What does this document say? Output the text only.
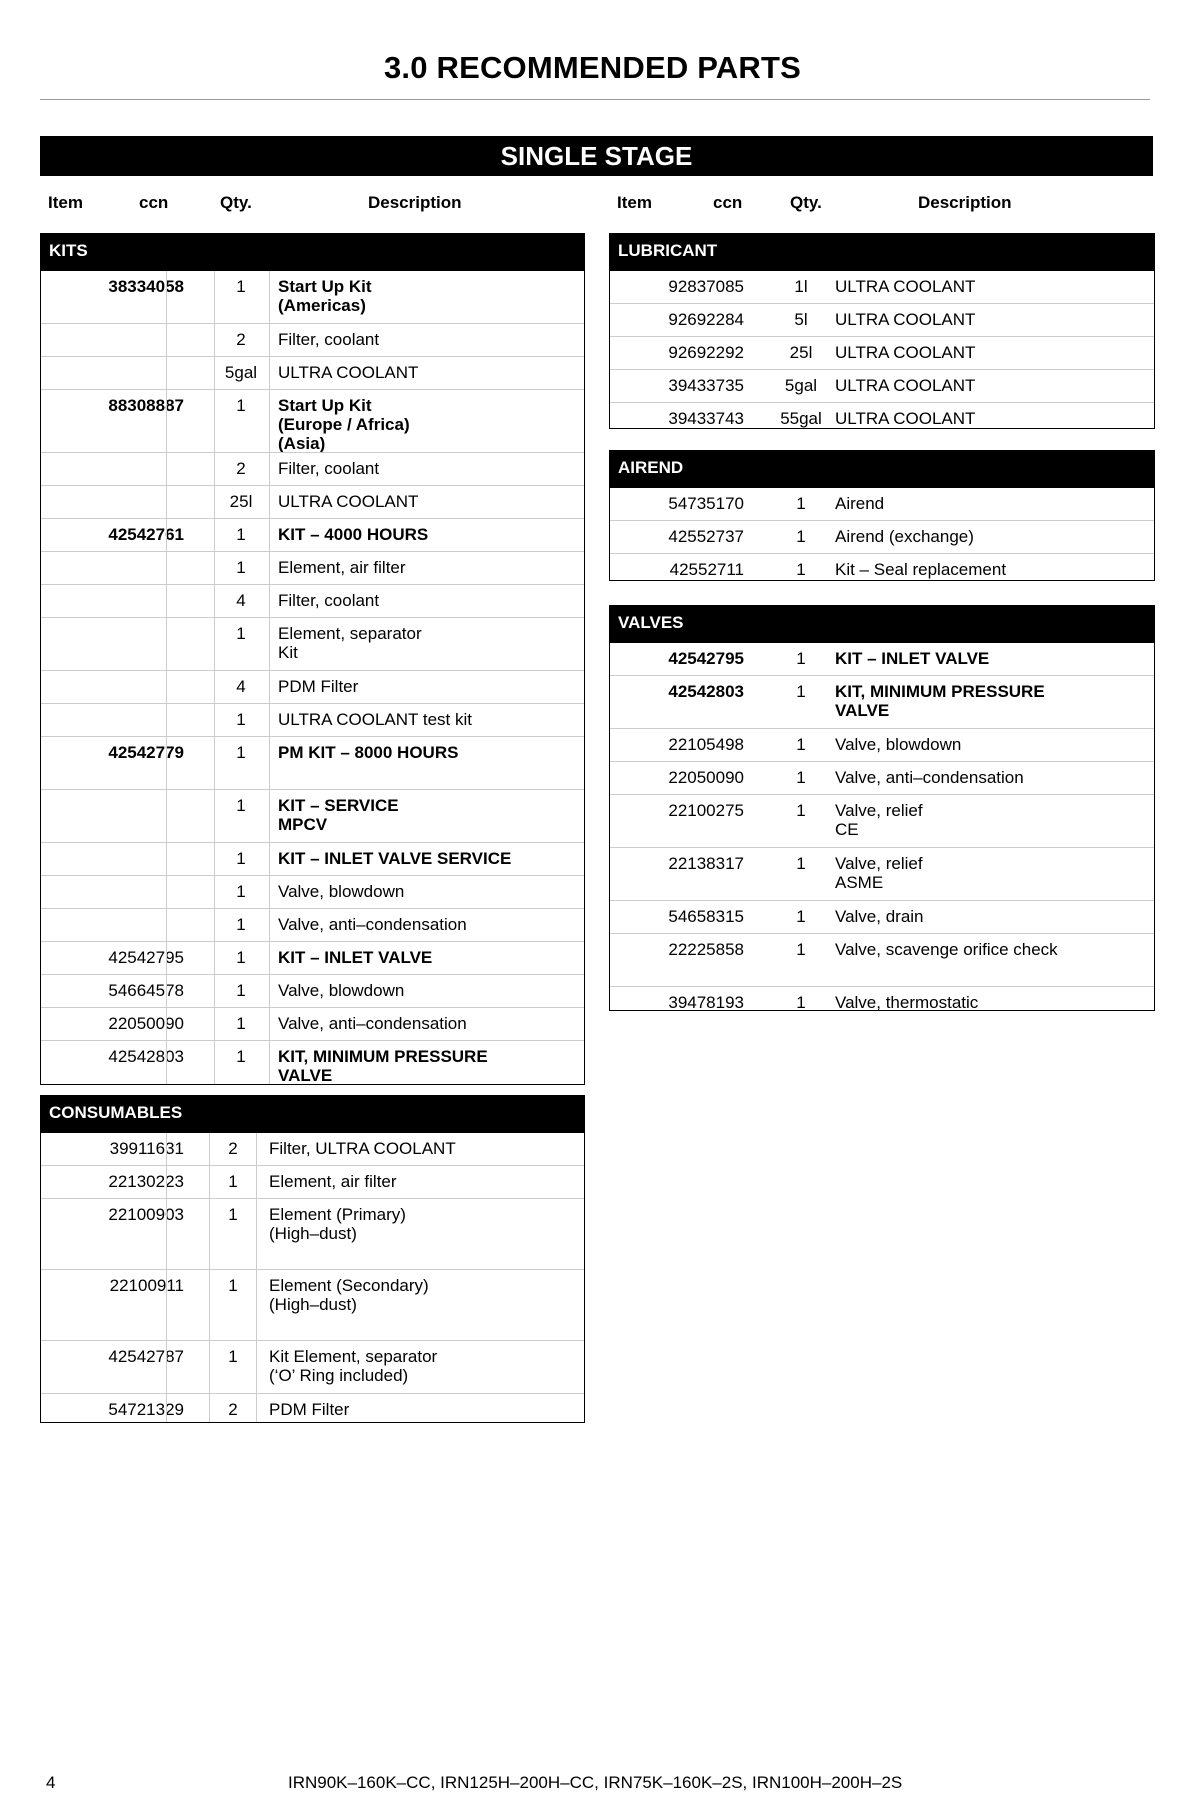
3.0 RECOMMENDED PARTS
SINGLE STAGE
Item	ccn	Qty.	Description	Item	ccn	Qty.	Description
KITS
38334058	1	Start Up Kit
(Americas)
2	Filter, coolant
5gal	ULTRA COOLANT
88308887	1	Start Up Kit
(Europe / Africa)
(Asia)
2	Filter, coolant
25l	ULTRA COOLANT
42542761	1	KIT – 4000 HOURS
1	Element, air filter
4	Filter, coolant
1	Element, separator
Kit
4	PDM Filter
1	ULTRA COOLANT test kit
42542779	1	PM KIT – 8000 HOURS
1	KIT – SERVICE
MPCV
1	KIT – INLET VALVE SERVICE
1	Valve, blowdown
1	Valve, anti–condensation
42542795	1	KIT – INLET VALVE
54664578	1	Valve, blowdown
22050090	1	Valve, anti–condensation
42542803	1	KIT, MINIMUM PRESSURE
VALVE
CONSUMABLES
39911631	2	Filter, ULTRA COOLANT
22130223	1	Element, air filter
22100903	1	Element (Primary)
(High–dust)
22100911	1	Element (Secondary)
(High–dust)
42542787	1	Kit Element, separator
(‘O’ Ring included)
54721329	2	PDM Filter
LUBRICANT
92837085	1l	ULTRA COOLANT
92692284	5l	ULTRA COOLANT
92692292	25l	ULTRA COOLANT
39433735	5gal	ULTRA COOLANT
39433743 55gal ULTRA COOLANT
AIREND
54735170	1	Airend
42552737	1	Airend (exchange)
42552711	1	Kit – Seal replacement
VALVES
42542795	1	KIT – INLET VALVE
42542803	1	KIT, MINIMUM PRESSURE
VALVE
22105498	1	Valve, blowdown
22050090	1	Valve, anti–condensation
22100275	1	Valve, relief
CE
22138317	1	Valve, relief
ASME
54658315	1	Valve, drain
22225858	1	Valve, scavenge orifice check
39478193	1	Valve, thermostatic
4	IRN90K–160K–CC, IRN125H–200H–CC, IRN75K–160K–2S, IRN100H–200H–2S
